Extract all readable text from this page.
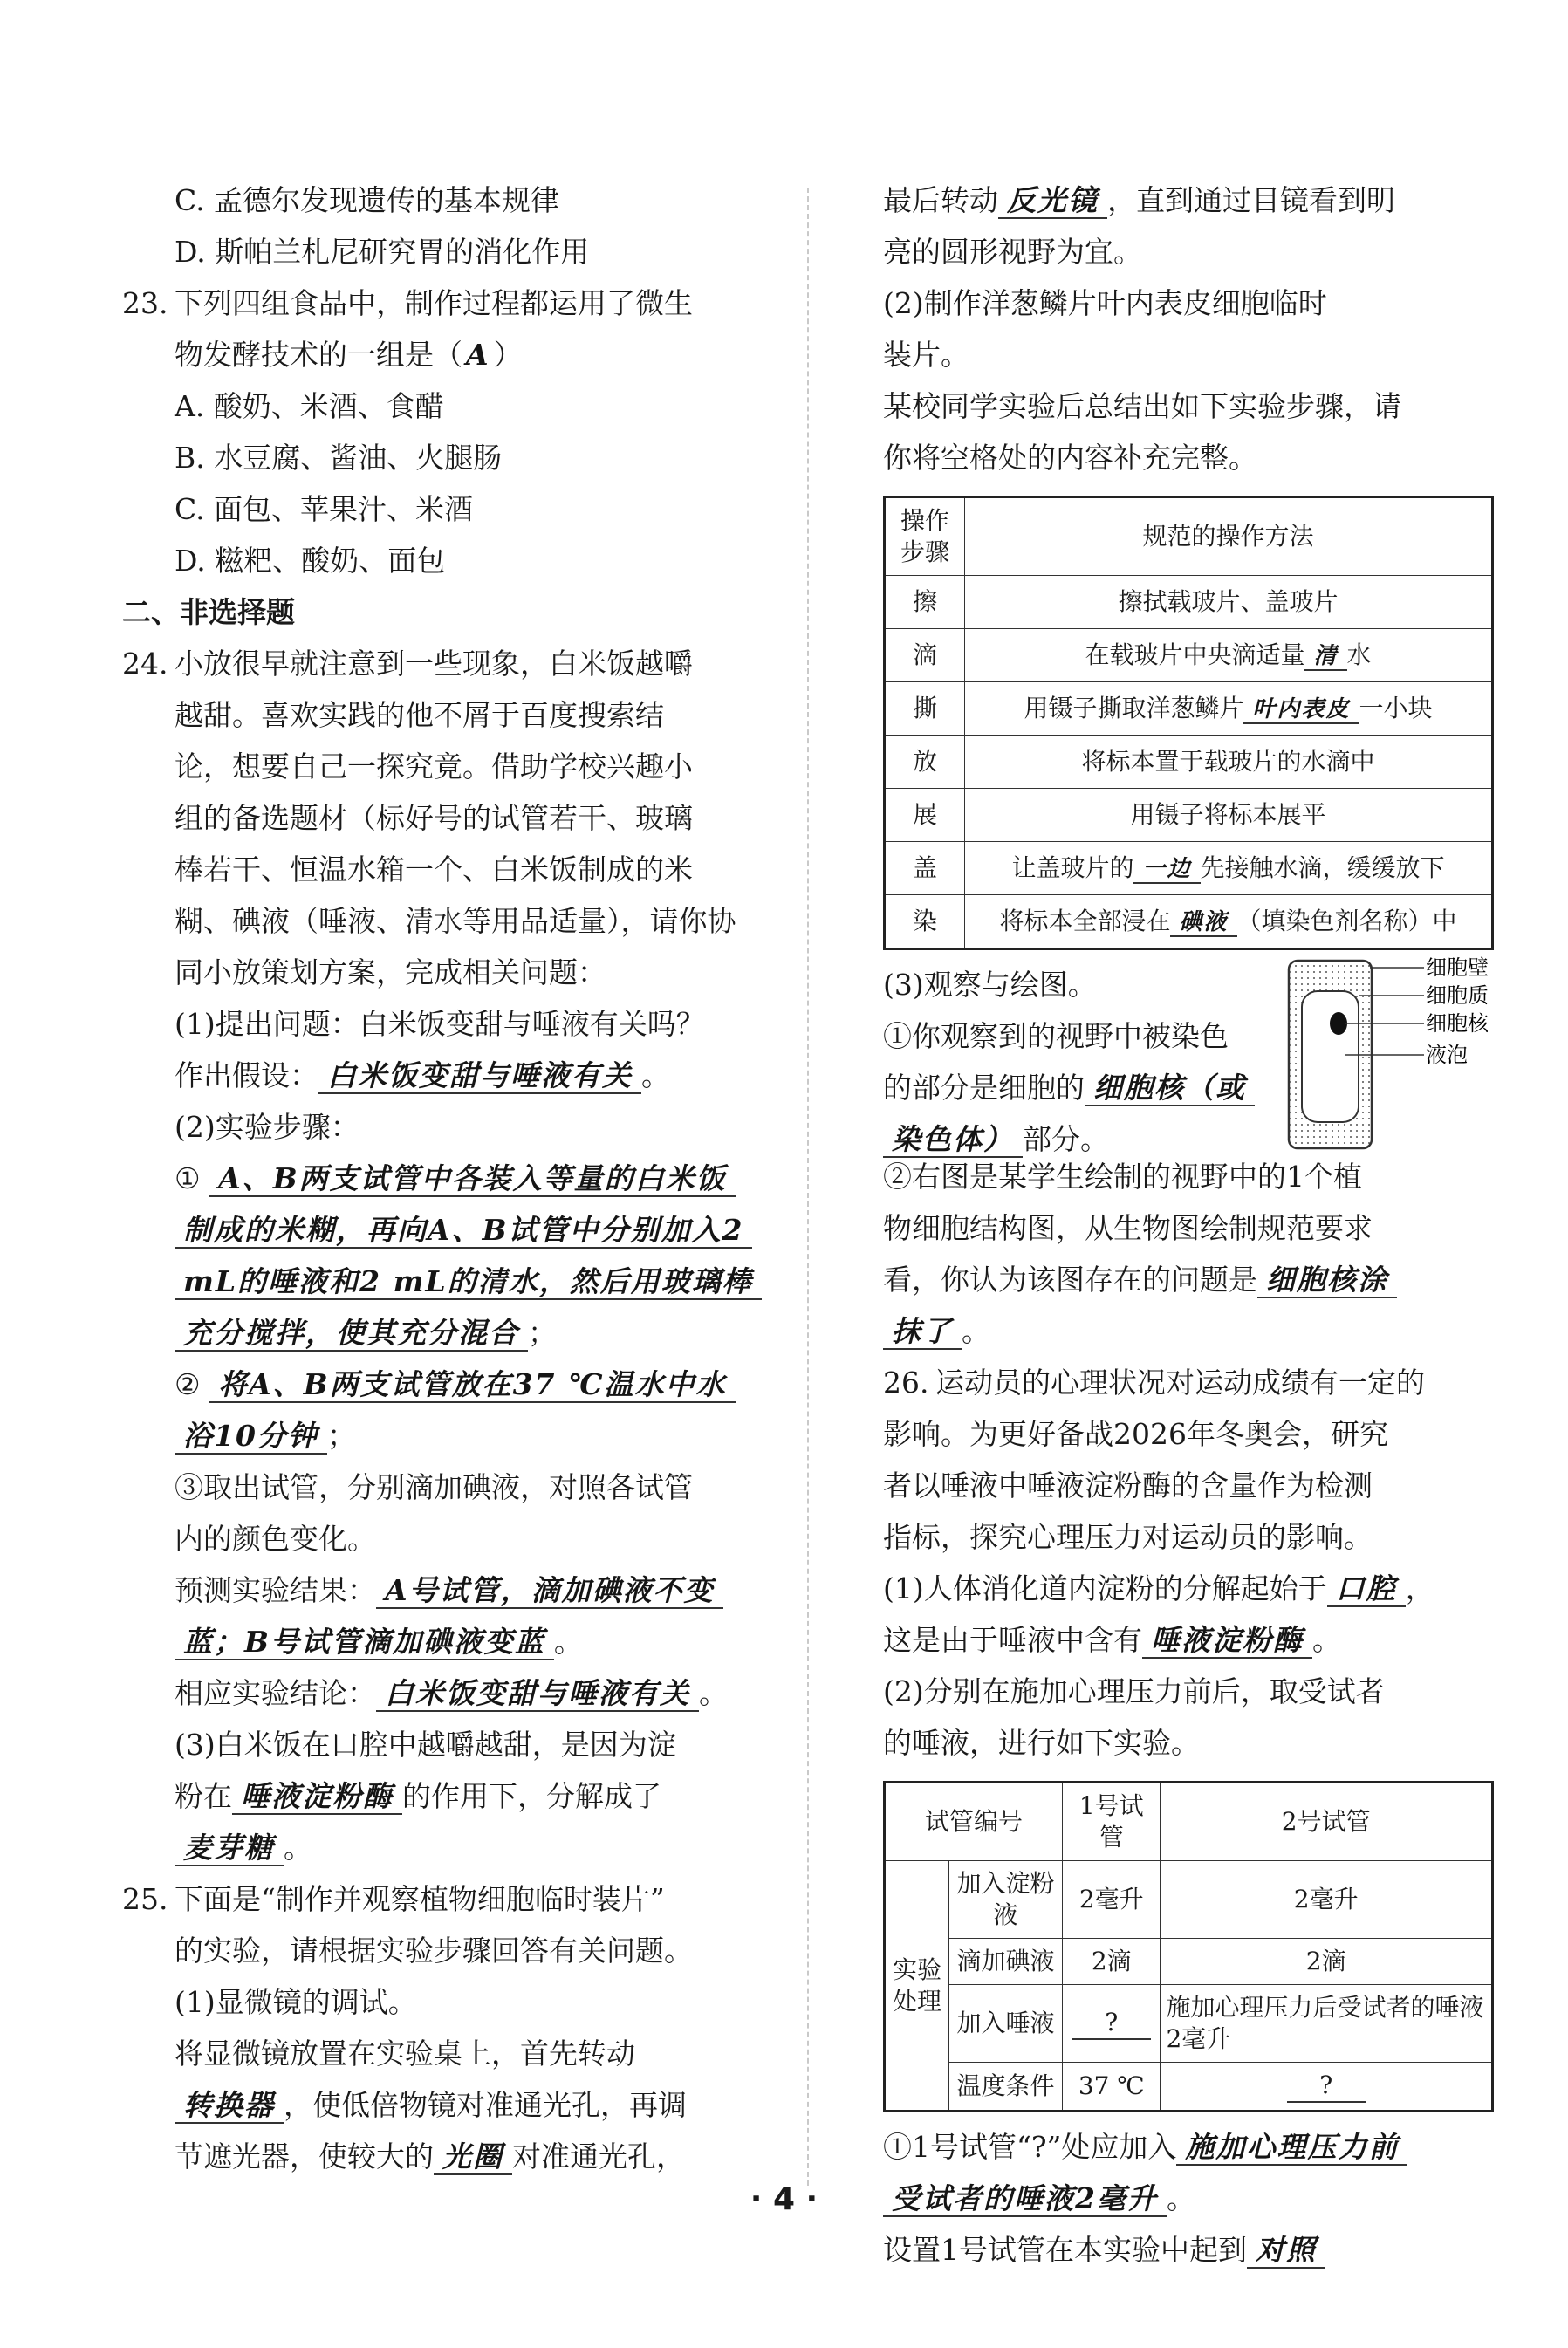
C. 孟德尔发现遗传的基本规律

D. 斯帕兰札尼研究胃的消化作用

23. 下列四组食品中，制作过程都运用了微生

物发酵技术的一组是（ A ）

A. 酸奶、米酒、食醋

B. 水豆腐、酱油、火腿肠

C. 面包、苹果汁、米酒

D. 糍粑、酸奶、面包

二、非选择题

24. 小放很早就注意到一些现象，白米饭越嚼

越甜。喜欢实践的他不屑于百度搜索结

论，想要自己一探究竟。借助学校兴趣小

组的备选题材（标好号的试管若干、玻璃

棒若干、恒温水箱一个、白米饭制成的米

糊、碘液（唾液、清水等用品适量），请你协

同小放策划方案，完成相关问题：

(1)提出问题：白米饭变甜与唾液有关吗？

作出假设： 白米饭变甜与唾液有关 。

(2)实验步骤：

① A、B两支试管中各装入等量的白米饭

制成的米糊，再向A、B试管中分别加入2

mL的唾液和2 mL的清水，然后用玻璃棒

充分搅拌，使其充分混合 ；

② 将A、B两支试管放在37 ℃温水中水

浴10分钟 ；

③取出试管，分别滴加碘液，对照各试管

内的颜色变化。

预测实验结果： A号试管，滴加碘液不变

蓝；B号试管滴加碘液变蓝 。

相应实验结论： 白米饭变甜与唾液有关 。

(3)白米饭在口腔中越嚼越甜，是因为淀

粉在 唾液淀粉酶 的作用下，分解成了

麦芽糖 。

25. 下面是“制作并观察植物细胞临时装片”

的实验，请根据实验步骤回答有关问题。

(1)显微镜的调试。

将显微镜放置在实验桌上，首先转动

转换器 ，使低倍物镜对准通光孔，再调

节遮光器，使较大的 光圈 对准通光孔，

最后转动 反光镜 ，直到通过目镜看到明

亮的圆形视野为宜。

(2)制作洋葱鳞片叶内表皮细胞临时

装片。

某校同学实验后总结出如下实验步骤，请

你将空格处的内容补充完整。

操作步骤	规范的操作方法
擦	擦拭载玻片、盖玻片
滴	在载玻片中央滴适量 清 水
撕	用镊子撕取洋葱鳞片 叶内表皮 一小块
放	将标本置于载玻片的水滴中
展	用镊子将标本展平
盖	让盖玻片的 一边 先接触水滴，缓缓放下
染	将标本全部浸在 碘液 （填染色剂名称）中

(3)观察与绘图。

①你观察到的视野中被染色

的部分是细胞的 细胞核（或

染色体） 部分。

细胞壁
细胞质
细胞核
液泡

②右图是某学生绘制的视野中的1个植

物细胞结构图，从生物图绘制规范要求

看，你认为该图存在的问题是 细胞核涂

抹了 。

26. 运动员的心理状况对运动成绩有一定的

影响。为更好备战2026年冬奥会，研究

者以唾液中唾液淀粉酶的含量作为检测

指标，探究心理压力对运动员的影响。

(1)人体消化道内淀粉的分解起始于 口腔 ，

这是由于唾液中含有 唾液淀粉酶 。

(2)分别在施加心理压力前后，取受试者

的唾液，进行如下实验。

试管编号		1号试管	2号试管
实验处理	加入淀粉液	2毫升	2毫升
	滴加碘液	2滴	2滴
	加入唾液	?	施加心理压力后受试者的唾液2毫升
	温度条件	37 ℃	?

①1号试管“?”处应加入 施加心理压力前

受试者的唾液2毫升 。

设置1号试管在本实验中起到 对照

· 4 ·
